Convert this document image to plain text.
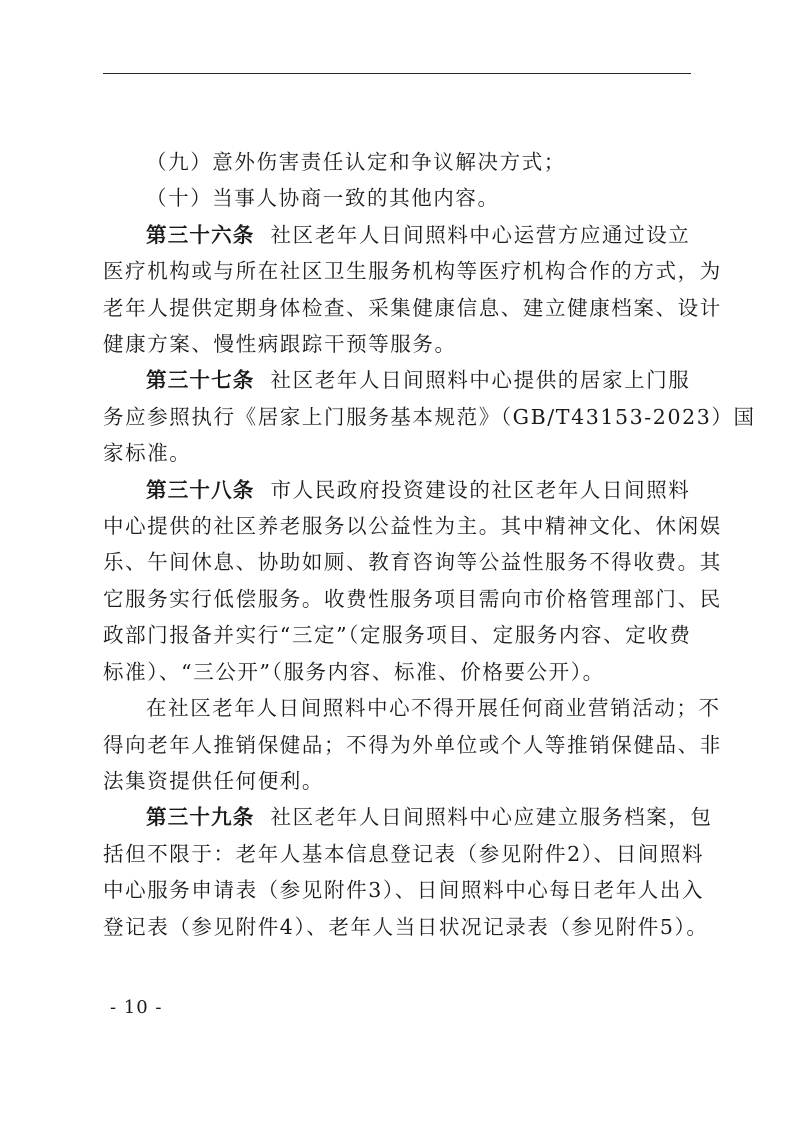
（九）意外伤害责任认定和争议解决方式；

（十）当事人协商一致的其他内容。

第三十六条 社区老年人日间照料中心运营方应通过设立
医疗机构或与所在社区卫生服务机构等医疗机构合作的方式，为
老年人提供定期身体检查、采集健康信息、建立健康档案、设计
健康方案、慢性病跟踪干预等服务。

第三十七条 社区老年人日间照料中心提供的居家上门服
务应参照执行《居家上门服务基本规范》（GB/T43153-2023）国
家标准。

第三十八条 市人民政府投资建设的社区老年人日间照料
中心提供的社区养老服务以公益性为主。其中精神文化、休闲娱
乐、午间休息、协助如厕、教育咨询等公益性服务不得收费。其
它服务实行低偿服务。收费性服务项目需向市价格管理部门、民
政部门报备并实行“三定”（定服务项目、定服务内容、定收费
标准）、“三公开”（服务内容、标准、价格要公开）。

在社区老年人日间照料中心不得开展任何商业营销活动；不
得向老年人推销保健品；不得为外单位或个人等推销保健品、非
法集资提供任何便利。

第三十九条 社区老年人日间照料中心应建立服务档案，包
括但不限于：老年人基本信息登记表（参见附件2）、日间照料
中心服务申请表（参见附件3）、日间照料中心每日老年人出入
登记表（参见附件4）、老年人当日状况记录表（参见附件5）。

- 10 -
